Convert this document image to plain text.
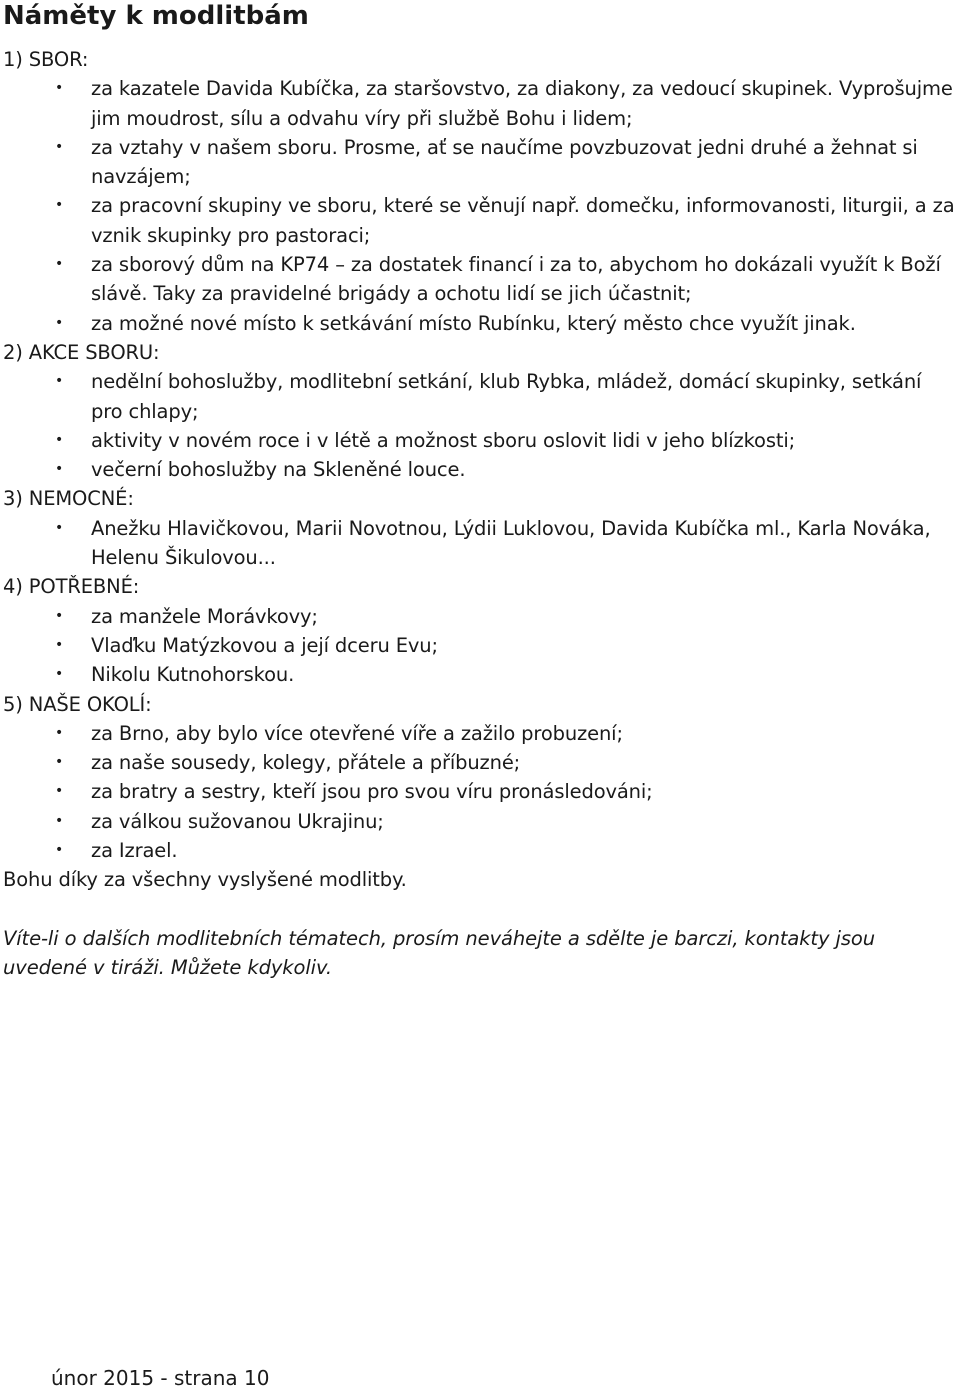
Náměty k modlitbám
1) SBOR:
•	za kazatele Davida Kubíčka, za staršovstvo, za diakony, za vedoucí skupinek. Vyprošujme jim moudrost, sílu a odvahu víry při službě Bohu i lidem;
•	za vztahy v našem sboru. Prosme, ať se naučíme povzbuzovat jedni druhé a žehnat si navzájem;
•	za pracovní skupiny ve sboru, které se věnují např. domečku, informovanosti, liturgii, a za vznik skupinky pro pastoraci;
•	za sborový dům na KP74 – za dostatek financí i za to, abychom ho dokázali využít k Boží slávě. Taky za pravidelné brigády a ochotu lidí se jich účastnit;
•	za možné nové místo k setkávání místo Rubínku, který město chce využít jinak.
2) AKCE SBORU:
•	nedělní bohoslužby, modlitební setkání, klub Rybka, mládež, domácí skupinky, setkání pro chlapy;
•	aktivity v novém roce i v létě a možnost sboru oslovit lidi v jeho blízkosti;
•	večerní bohoslužby na Skleněné louce.
3) NEMOCNÉ:
•	Anežku Hlavičkovou, Marii Novotnou, Lýdii Luklovou, Davida Kubíčka ml., Karla Nováka, Helenu Šikulovou...
4) POTŘEBNÉ:
•	za manžele Morávkovy;
•	Vlaďku Matýzkovou a její dceru Evu;
•	Nikolu Kutnohorskou.
5) NAŠE OKOLÍ:
•	za Brno, aby bylo více otevřené víře a zažilo probuzení;
•	za naše sousedy, kolegy, přátele a příbuzné;
•	za bratry a sestry, kteří jsou pro svou víru pronásledováni;
•	za válkou sužovanou Ukrajinu;
•	za Izrael.

Bohu díky za všechny vyslyšené modlitby.

Víte-li o dalších modlitebních tématech, prosím neváhejte a sdělte je barczi, kontakty jsou uvedené v tiráži. Můžete kdykoliv.

únor 2015 - strana 10
